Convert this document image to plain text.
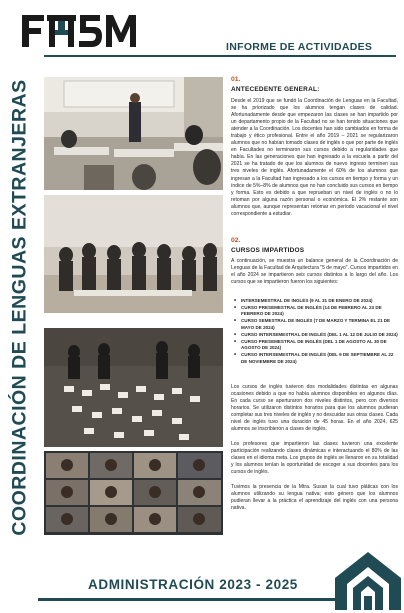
COORDINACIÓN DE LENGUAS EXTRANJERAS
INFORME DE ACTIVIDADES
01.
ANTECEDENTE GENERAL:

Desde el 2019 que se fundó la Coordinación de Lenguas en la Facultad, se ha priorizado que los alumnos tengan clases de calidad. Afortunadamente desde que empezaron las clases se han impartido por un departamento propio de la Facultad no se han tenido situaciones que atender a la Coordinación. Los docentes han sido cambiados en forma de trabajo y ético profesional. Entre el año 2019 – 2021 se regularizaron alumnos que no habían tomado clases de inglés o que por parte de inglés en Facultades no terminaron sus cursos debido a regularidades que había. En las generaciones que han ingresado a la escuela a partir del 2021 se ha tratado de que los alumnos de nuevo ingreso terminen sus tres niveles de inglés. Afortunadamente el 60% de los alumnos que ingresan a la Facultad han ingresado a los cursos en tiempo y forma y un índice de 5%–8% de alumnos que no han concluido sus cursos en tiempo y forma. Esto es debido a que reprueban un nivel de inglés o no lo retoman por alguna razón personal o económica. El 2% restante son alumnos que, aunque representan retomar en periodo vacacional el nivel correspondiente a estudiar.

02.
CURSOS IMPARTIDOS

A continuación, se muestra un balance general de la Coordinación de Lenguas de la Facultad de Arquitectura "5 de mayo". Cursos impartidos en el año 2024 se impartieron seis cursos distintos a lo largo del año. Los cursos que se impartieron fueron los siguientes:

• INTERSEMESTRAL DE INGLÉS (9 AL 31 DE ENERO DE 2024)
• CURSO PRESEMESTRAL DE INGLÉS (14 DE FEBRERO AL 23 DE FEBRERO DE 2024)
• CURSO SEMESTRAL DE INGLÉS (7 DE MARZO Y TERMINA EL 21 DE MAYO DE 2024)
• CURSO INTERSEMESTRAL DE INGLÉS (DEL 1 AL 12 DE JULIO DE 2024)
• CURSO PRESEMESTRAL DE INGLÉS (DEL 1 DE AGOSTO AL 30 DE AGOSTO DE 2024)
• CURSO INTERSEMESTRAL DE INGLÉS (DEL 9 DE SEPTIEMBRE AL 22 DE NOVIEMBRE DE 2024)

Los cursos de inglés tuvieron dos modalidades distintas en algunas ocasiones debido a que no había alumnos disponibles en algunos días. En cada curso se aperturaron dos niveles distintos, pero con diversos horarios. Se utilizaron distintos horarios para que los alumnos pudieran completar sus tres niveles de inglés y no descuidar sus otras clases. Cada nivel de inglés tuvo una duración de 45 horas. En el año 2024, 625 alumnos se inscribieron a clases de inglés.

Los profesores que impartieron las clases tuvieron una excelente participación realizando clases dinámicas e interactuando el 80% de las clases en el idioma meta. Los grupos de inglés se llenaron en su totalidad y los alumnos tenían la oportunidad de escoger a sus docentes para los cursos de inglés.

Tuvimos la presencia de la Mtra. Susan la cual tuvo pláticas con los alumnos utilizando su lengua nativa; esto género que los alumnos pudieran llevar a la práctica el aprendizaje del inglés con una persona nativa.

ADMINISTRACIÓN 2023 - 2025
